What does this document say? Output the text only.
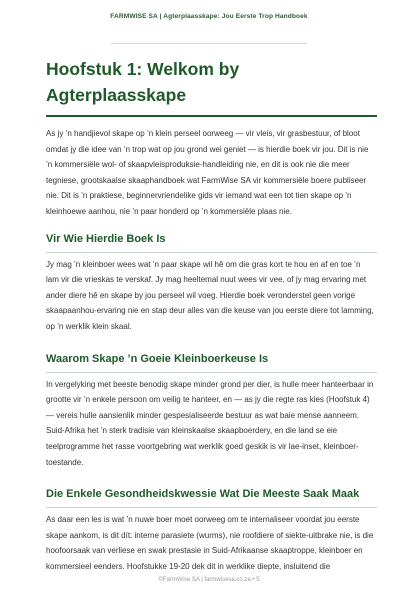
FARMWISE SA | Agterplaasskape: Jou Eerste Trop Handboek
Hoofstuk 1: Welkom by
Agterplaasskape

As jy ’n handjievol skape op ’n klein perseel oorweeg — vir vleis, vir grasbestuur, of bloot omdat jy die idee van ’n trop wat op jou grond wei geniet — is hierdie boek vir jou. Dit is nie ’n kommersiële wol- of skaapvleisproduksie-handleiding nie, en dit is ook nie die meer tegniese, grootskaalse skaaphandboek wat FarmWise SA vir kommersiële boere publiseer nie. Dit is ’n praktiese, beginnervriendelike gids vir iemand wat een tot tien skape op ’n kleinhoewe aanhou, nie ’n paar honderd op ’n kommersiële plaas nie.

Vir Wie Hierdie Boek Is

Jy mag ’n kleinboer wees wat ’n paar skape wil hê om die gras kort te hou en af en toe ’n lam vir die vrieskas te verskaf. Jy mag heeltemal nuut wees vir vee, of jy mag ervaring met ander diere hê en skape by jou perseel wil voeg. Hierdie boek veronderstel geen vorige skaapaanhou-ervaring nie en stap deur alles van die keuse van jou eerste diere tot lamming, op ’n werklik klein skaal.

Waarom Skape ’n Goeie Kleinboerkeuse Is

In vergelyking met beeste benodig skape minder grond per dier, is hulle meer hanteerbaar in grootte vir ’n enkele persoon om veilig te hanteer, en — as jy die regte ras kies (Hoofstuk 4) — vereis hulle aansienlik minder gespesialiseerde bestuur as wat baie mense aanneem. Suid-Afrika het ’n sterk tradisie van kleinskaalse skaapboerdery, en die land se eie teelprogramme het rasse voortgebring wat werklik goed geskik is vir lae-inset, kleinboer-toestande.

Die Enkele Gesondheidskwessie Wat Die Meeste Saak Maak

As daar een les is wat ’n nuwe boer moet oorweeg om te internaliseer voordat jou eerste skape aankom, is dit dít: interne parasiete (wurms), nie roofdiere of siekte-uitbrake nie, is die hoofoorsaak van verliese en swak prestasie in Suid-Afrikaanse skaaptroppe, kleinboer en kommersieel eenders. Hoofstukke 19-20 dek dit in werklike diepte, insluitend die

©FarmWise SA | farmwisesa.co.za • 5
